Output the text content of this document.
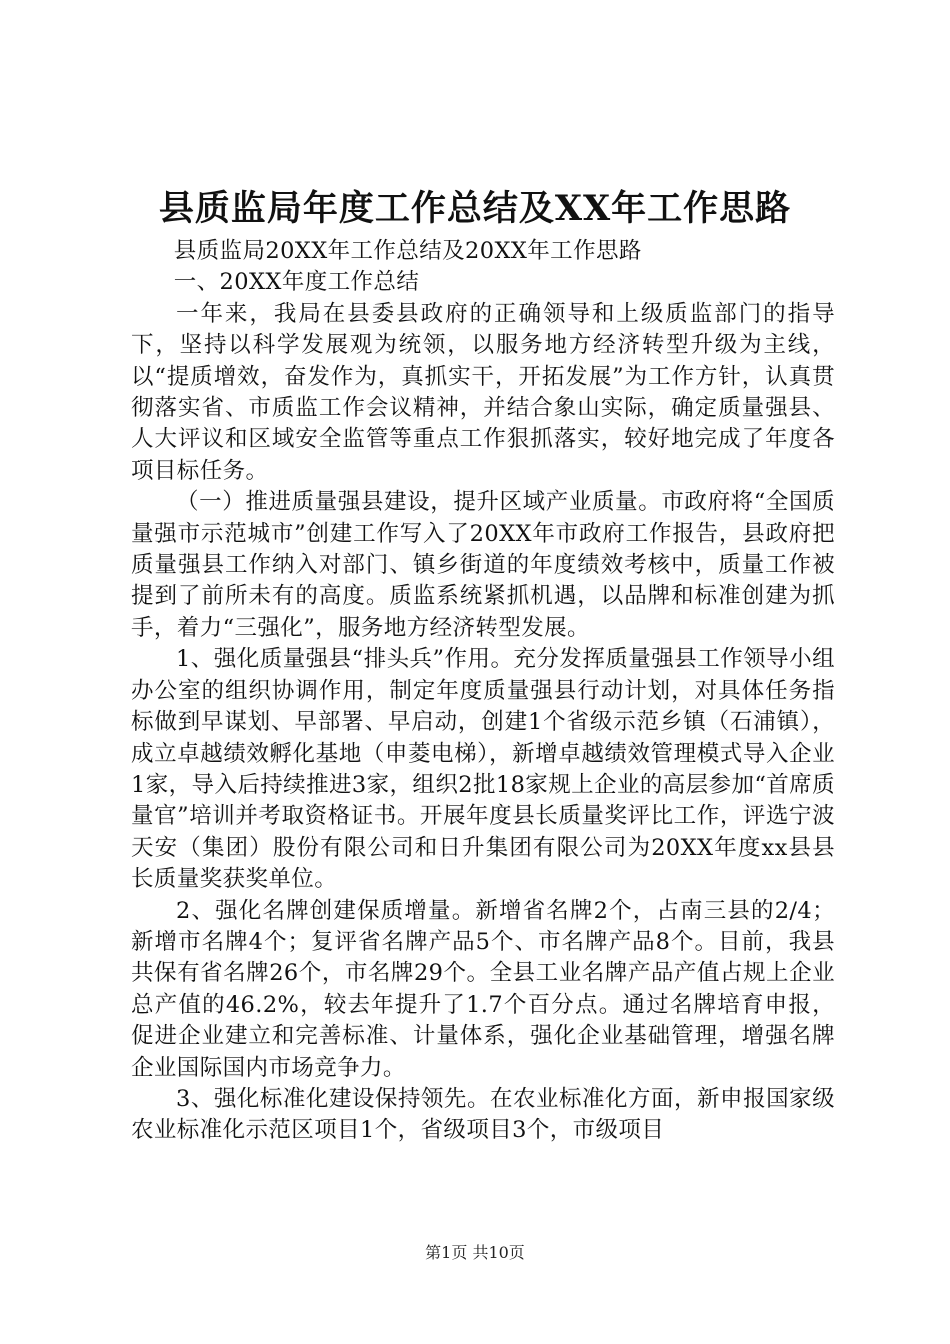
县质监局年度工作总结及XX年工作思路

县质监局20XX年工作总结及20XX年工作思路

一、20XX年度工作总结

一年来，我局在县委县政府的正确领导和上级质监部门的指导下，坚持以科学发展观为统领，以服务地方经济转型升级为主线，以“提质增效，奋发作为，真抓实干，开拓发展”为工作方针，认真贯彻落实省、市质监工作会议精神，并结合象山实际，确定质量强县、人大评议和区域安全监管等重点工作狠抓落实，较好地完成了年度各项目标任务。

（一）推进质量强县建设，提升区域产业质量。市政府将“全国质量强市示范城市”创建工作写入了20XX年市政府工作报告，县政府把质量强县工作纳入对部门、镇乡街道的年度绩效考核中，质量工作被提到了前所未有的高度。质监系统紧抓机遇，以品牌和标准创建为抓手，着力“三强化”，服务地方经济转型发展。

1、强化质量强县“排头兵”作用。充分发挥质量强县工作领导小组办公室的组织协调作用，制定年度质量强县行动计划，对具体任务指标做到早谋划、早部署、早启动，创建1个省级示范乡镇（石浦镇），成立卓越绩效孵化基地（申菱电梯），新增卓越绩效管理模式导入企业1家，导入后持续推进3家，组织2批18家规上企业的高层参加“首席质量官”培训并考取资格证书。开展年度县长质量奖评比工作，评选宁波天安（集团）股份有限公司和日升集团有限公司为20XX年度xx县县长质量奖获奖单位。

2、强化名牌创建保质增量。新增省名牌2个，占南三县的2/4；新增市名牌4个；复评省名牌产品5个、市名牌产品8个。目前，我县共保有省名牌26个，市名牌29个。全县工业名牌产品产值占规上企业总产值的46.2%，较去年提升了1.7个百分点。通过名牌培育申报，促进企业建立和完善标准、计量体系，强化企业基础管理，增强名牌企业国际国内市场竞争力。

3、强化标准化建设保持领先。在农业标准化方面，新申报国家级农业标准化示范区项目1个，省级项目3个，市级项目

第1页 共10页
